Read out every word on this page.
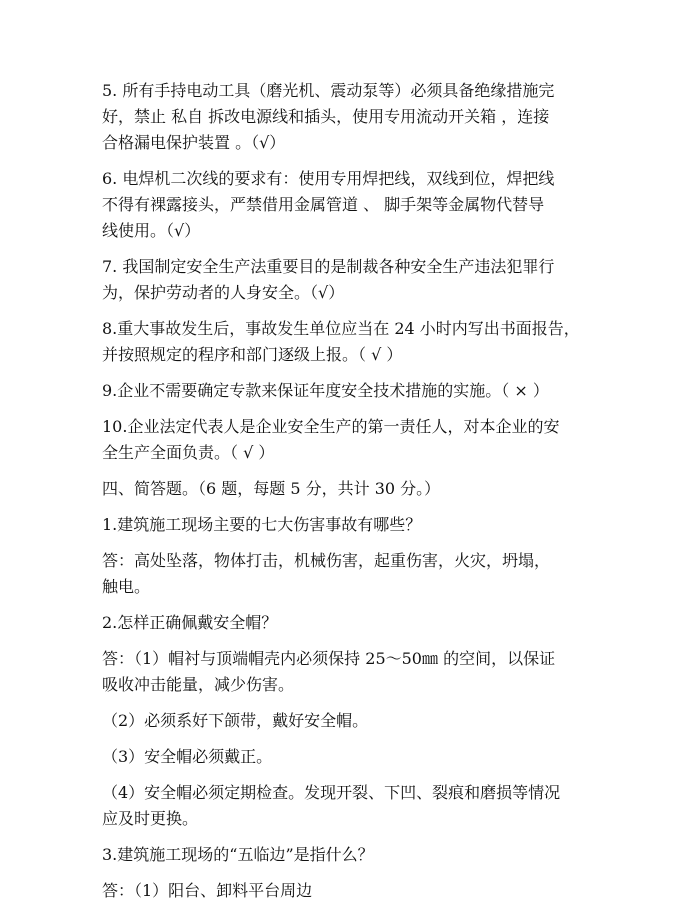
5. 所有手持电动工具（磨光机、震动泵等）必须具备绝缘措施完
好，禁止 私自 拆改电源线和插头，使用专用流动开关箱 ，连接
合格漏电保护装置 。（√）

6. 电焊机二次线的要求有：使用专用焊把线，双线到位，焊把线
不得有裸露接头，严禁借用金属管道 、 脚手架等金属物代替导
线使用。（√）

7. 我国制定安全生产法重要目的是制裁各种安全生产违法犯罪行
为，保护劳动者的人身安全。（√）

8.重大事故发生后，事故发生单位应当在 24 小时内写出书面报告，
并按照规定的程序和部门逐级上报。（ √ ）

9.企业不需要确定专款来保证年度安全技术措施的实施。（ × ）

10.企业法定代表人是企业安全生产的第一责任人，对本企业的安
全生产全面负责。（ √ ）

四、简答题。（6 题，每题 5 分，共计 30 分。）

1.建筑施工现场主要的七大伤害事故有哪些？

答：高处坠落，物体打击，机械伤害，起重伤害，火灾，坍塌，
触电。

2.怎样正确佩戴安全帽？

答：（1）帽衬与顶端帽壳内必须保持 25～50㎜ 的空间，以保证
吸收冲击能量，减少伤害。

（2）必须系好下颌带，戴好安全帽。

（3）安全帽必须戴正。

（4）安全帽必须定期检查。发现开裂、下凹、裂痕和磨损等情况
应及时更换。

3.建筑施工现场的“五临边”是指什么？

答：（1）阳台、卸料平台周边
